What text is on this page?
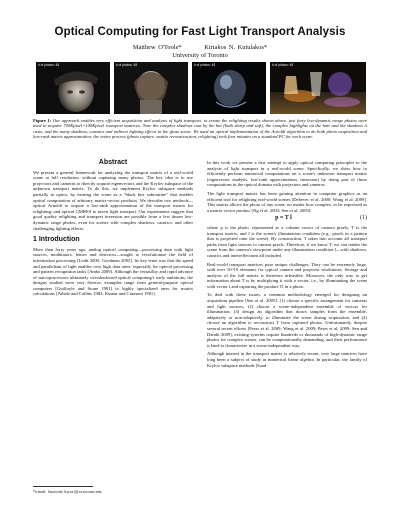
Optical Computing for Fast Light Transport Analysis
Matthew O'Toole*	Kiriakos N. Kutulakos*
University of Toronto
# of photos: 48	# of photos: 48	# of photos: 48	# of photos: 48
Figure 1: Our approach enables very efficient acquisition and analysis of light transport: to create the relighting results shown above, just forty low-dynamic range photos were used to acquire 700Kpixel×100Kpixel transport matrices. Note the complex shadows cast by the hat (both sharp and soft), the complex highlights on the hair and the shadows it casts, and the many shadows, caustics and indirect lighting effects in the glass scene. We used an optical implementation of the Arnoldi algorithm to do both photo acquisition and low-rank matrix approximation; the entire process (photo capture, matrix reconstruction, relighting) took four minutes on a standard PC for each scene.
Abstract
We present a general framework for analyzing the transport matrix of a real-world scene at full resolution, without capturing many photos. The key idea is to use projectors and cameras to directly acquire eigenvectors and the Krylov subspace of the unknown transport matrix. To do this, we implement Krylov subspace methods partially in optics, by treating the scene as a "black box subroutine" that enables optical computation of arbitrary matrix-vector products. We describe two methods—optical Arnoldi to acquire a low-rank approximation of the transport matrix for relighting; and optical GMRES to invert light transport. Our experiments suggest that good quality relighting and transport inversion are possible from a few dozen low-dynamic range photos, even for scenes with complex shadows, caustics, and other challenging lighting effects.
1 Introduction
More than forty years ago, analog optical computing—processing data with light sources, modulators, lenses and detectors—sought to revolutionize the field of information processing [Leith 2000; Goodman 2005]. Its key tenet was that the speed and parallelism of light enables very high data rates, especially for optical processing and pattern recognition tasks [Ambs 2009]. Although the versatility and rapid advance of microprocessors ultimately overshadowed optical computing's early ambitions, the designs studied were very diverse; examples range from general-purpose optical computers [Guilfoyle and Stone 1991] to highly specialized ones for matrix calculations [Athale and Collins 1982; Kumar and Casasent 1981].
*e-mail: {motoole, kyros}@cs.toronto.edu
In this work we present a first attempt to apply optical computing principles to the analysis of light transport in a real-world scene. Specifically, we show how to efficiently perform numerical computations on a scene's unknown transport matrix (eigenvector analysis, low-rank approximation, inversion) by doing part of those computations in the optical domain with projectors and cameras.
The light transport matrix has been gaining attention in computer graphics as an efficient tool for relighting real-world scenes [Debevec et al. 2000; Wang et al. 2009]. This matrix allows the photo of any scene, no matter how complex, to be expressed as a matrix-vector product [Ng et al. 2003; Sen et al. 2005]:
p = T l	(1)
where p is the photo, represented as a column vector of camera pixels, T is the transport matrix, and l is the scene's illumination condition (e.g., pixels in a pattern that is projected onto the scene). By construction, T takes into account all transport paths from light sources to camera pixels. Therefore, if we know T, we can render the scene from the camera's viewpoint under any illumination condition l—with shadows, caustics and interreflections all included.
Real-world transport matrices pose unique challenges. They can be extremely large, with over 10^10 elements for typical camera and projector resolutions. Storage and analysis of the full matrix is therefore infeasible. Moreover, the only way to get information about T is by multiplying it with a vector, i.e., by illuminating the scene with vector l and capturing the product Tl in a photo.
To deal with these issues, a common methodology emerged for designing an acquisition pipeline [Sen et al. 2005]: (1) choose a specific arrangement for cameras and light sources; (2) choose a scene-independent ensemble of vectors for illumination; (3) design an algorithm that draws samples from the ensemble, adaptively or non-adaptively, to illuminate the scene during acquisition, and (4) choose an algorithm to reconstruct T from captured photos. Unfortunately, despite several recent efforts [Peers et al. 2009; Wang et al. 2009; Peers et al. 2009; Sen and Darabi 2009], existing systems require hundreds or thousands of high-dynamic range photos for complex scenes, can be computationally demanding, and their performance is hard to characterize in a scene-independent way.
Although interest in the transport matrix is relatively recent, very large matrices have long been a subject of study in numerical linear algebra. In particular, the family of Krylov subspace methods [Saad
